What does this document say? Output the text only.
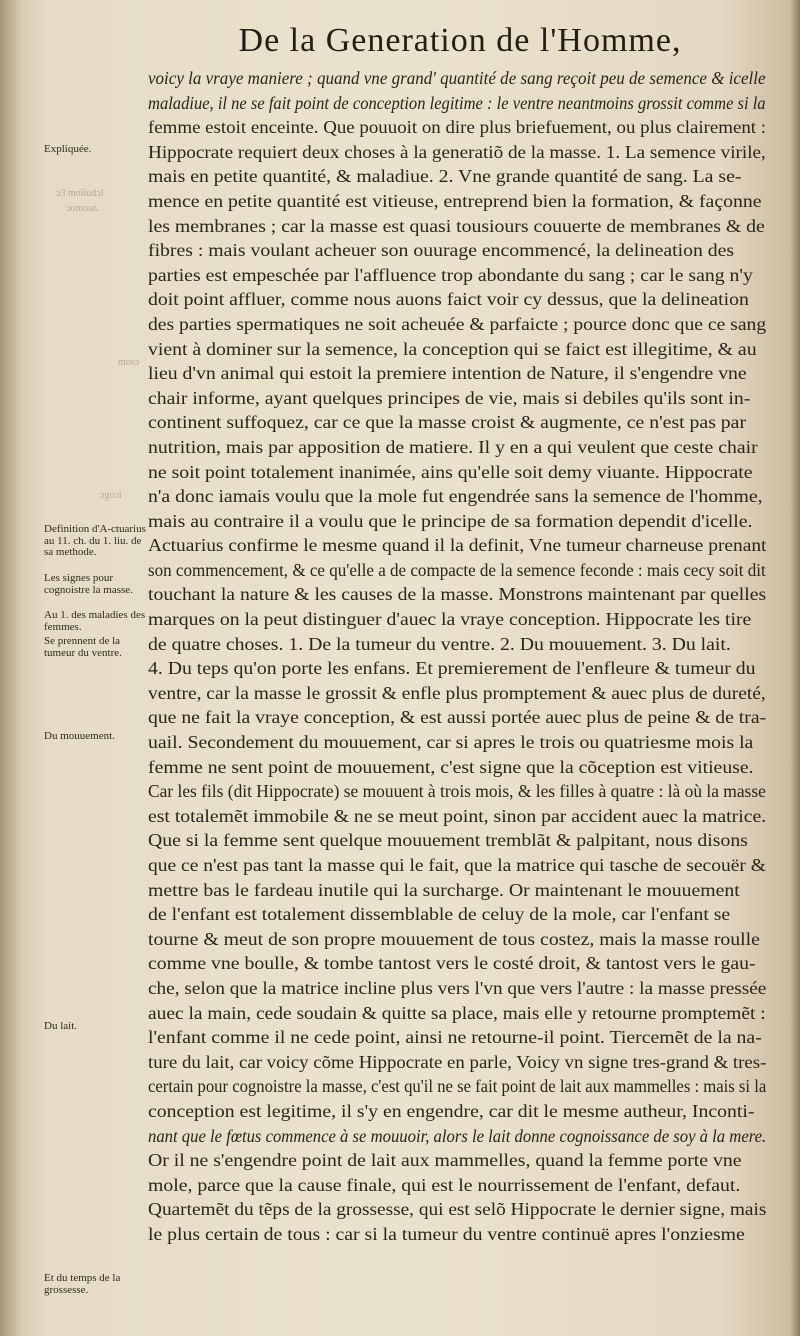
De la Generation de l'Homme,
Expliquée.
Definition d'A-ctuarius au 11. ch. du 1. liu. de sa methode.
Les signes pour cognoistre la masse.
Au 1. des maladies des femmes.
Se prennent de la tumeur du ventre.
Du mouuement.
Du lait.
Et du temps de la grossesse.
ɔ3 moiiudɔl
ɔomosn.
mosɔ
ɔgoɔl
voicy la vraye maniere ; quand vne grand' quantité de sang reçoit peu de semence & icelle
maladiue, il ne se fait point de conception legitime : le ventre neantmoins grossit comme si la
femme estoit enceinte. Que pouuoit on dire plus briefuement, ou plus clairement :
Hippocrate requiert deux choses à la generatiõ de la masse. 1. La semence virile,
mais en petite quantité, & maladiue. 2. Vne grande quantité de sang. La se-
mence en petite quantité est vitieuse, entreprend bien la formation, & façonne
les membranes ; car la masse est quasi tousiours couuerte de membranes & de
fibres : mais voulant acheuer son ouurage encommencé, la delineation des
parties est empeschée par l'affluence trop abondante du sang ; car le sang n'y
doit point affluer, comme nous auons faict voir cy dessus, que la delineation
des parties spermatiques ne soit acheuée & parfaicte ; pource donc que ce sang
vient à dominer sur la semence, la conception qui se faict est illegitime, & au
lieu d'vn animal qui estoit la premiere intention de Nature, il s'engendre vne
chair informe, ayant quelques principes de vie, mais si debiles qu'ils sont in-
continent suffoquez, car ce que la masse croist & augmente, ce n'est pas par
nutrition, mais par apposition de matiere. Il y en a qui veulent que ceste chair
ne soit point totalement inanimée, ains qu'elle soit demy viuante. Hippocrate
n'a donc iamais voulu que la mole fut engendrée sans la semence de l'homme,
mais au contraire il a voulu que le principe de sa formation dependit d'icelle.
Actuarius confirme le mesme quand il la definit, Vne tumeur charneuse prenant
son commencement, & ce qu'elle a de compacte de la semence feconde : mais cecy soit dit
touchant la nature & les causes de la masse. Monstrons maintenant par quelles
marques on la peut distinguer d'auec la vraye conception. Hippocrate les tire
de quatre choses. 1. De la tumeur du ventre. 2. Du mouuement. 3. Du lait.
4. Du teps qu'on porte les enfans. Et premierement de l'enfleure & tumeur du
ventre, car la masse le grossit & enfle plus promptement & auec plus de dureté,
que ne fait la vraye conception, & est aussi portée auec plus de peine & de tra-
uail. Secondement du mouuement, car si apres le trois ou quatriesme mois la
femme ne sent point de mouuement, c'est signe que la cõception est vitieuse.
Car les fils (dit Hippocrate) se mouuent à trois mois, & les filles à quatre : là où la masse
est totalemẽt immobile & ne se meut point, sinon par accident auec la matrice.
Que si la femme sent quelque mouuement tremblãt & palpitant, nous disons
que ce n'est pas tant la masse qui le fait, que la matrice qui tasche de secouër &
mettre bas le fardeau inutile qui la surcharge. Or maintenant le mouuement
de l'enfant est totalement dissemblable de celuy de la mole, car l'enfant se
tourne & meut de son propre mouuement de tous costez, mais la masse roulle
comme vne boulle, & tombe tantost vers le costé droit, & tantost vers le gau-
che, selon que la matrice incline plus vers l'vn que vers l'autre : la masse pressée
auec la main, cede soudain & quitte sa place, mais elle y retourne promptemẽt :
l'enfant comme il ne cede point, ainsi ne retourne-il point. Tiercemẽt de la na-
ture du lait, car voicy cõme Hippocrate en parle, Voicy vn signe tres-grand & tres-
certain pour cognoistre la masse, c'est qu'il ne se fait point de lait aux mammelles : mais si la
conception est legitime, il s'y en engendre, car dit le mesme autheur, Inconti-
nant que le fœtus commence à se mouuoir, alors le lait donne cognoissance de soy à la mere.
Or il ne s'engendre point de lait aux mammelles, quand la femme porte vne
mole, parce que la cause finale, qui est le nourrissement de l'enfant, defaut.
Quartemẽt du tẽps de la grossesse, qui est selõ Hippocrate le dernier signe, mais
le plus certain de tous : car si la tumeur du ventre continuë apres l'onziesme
